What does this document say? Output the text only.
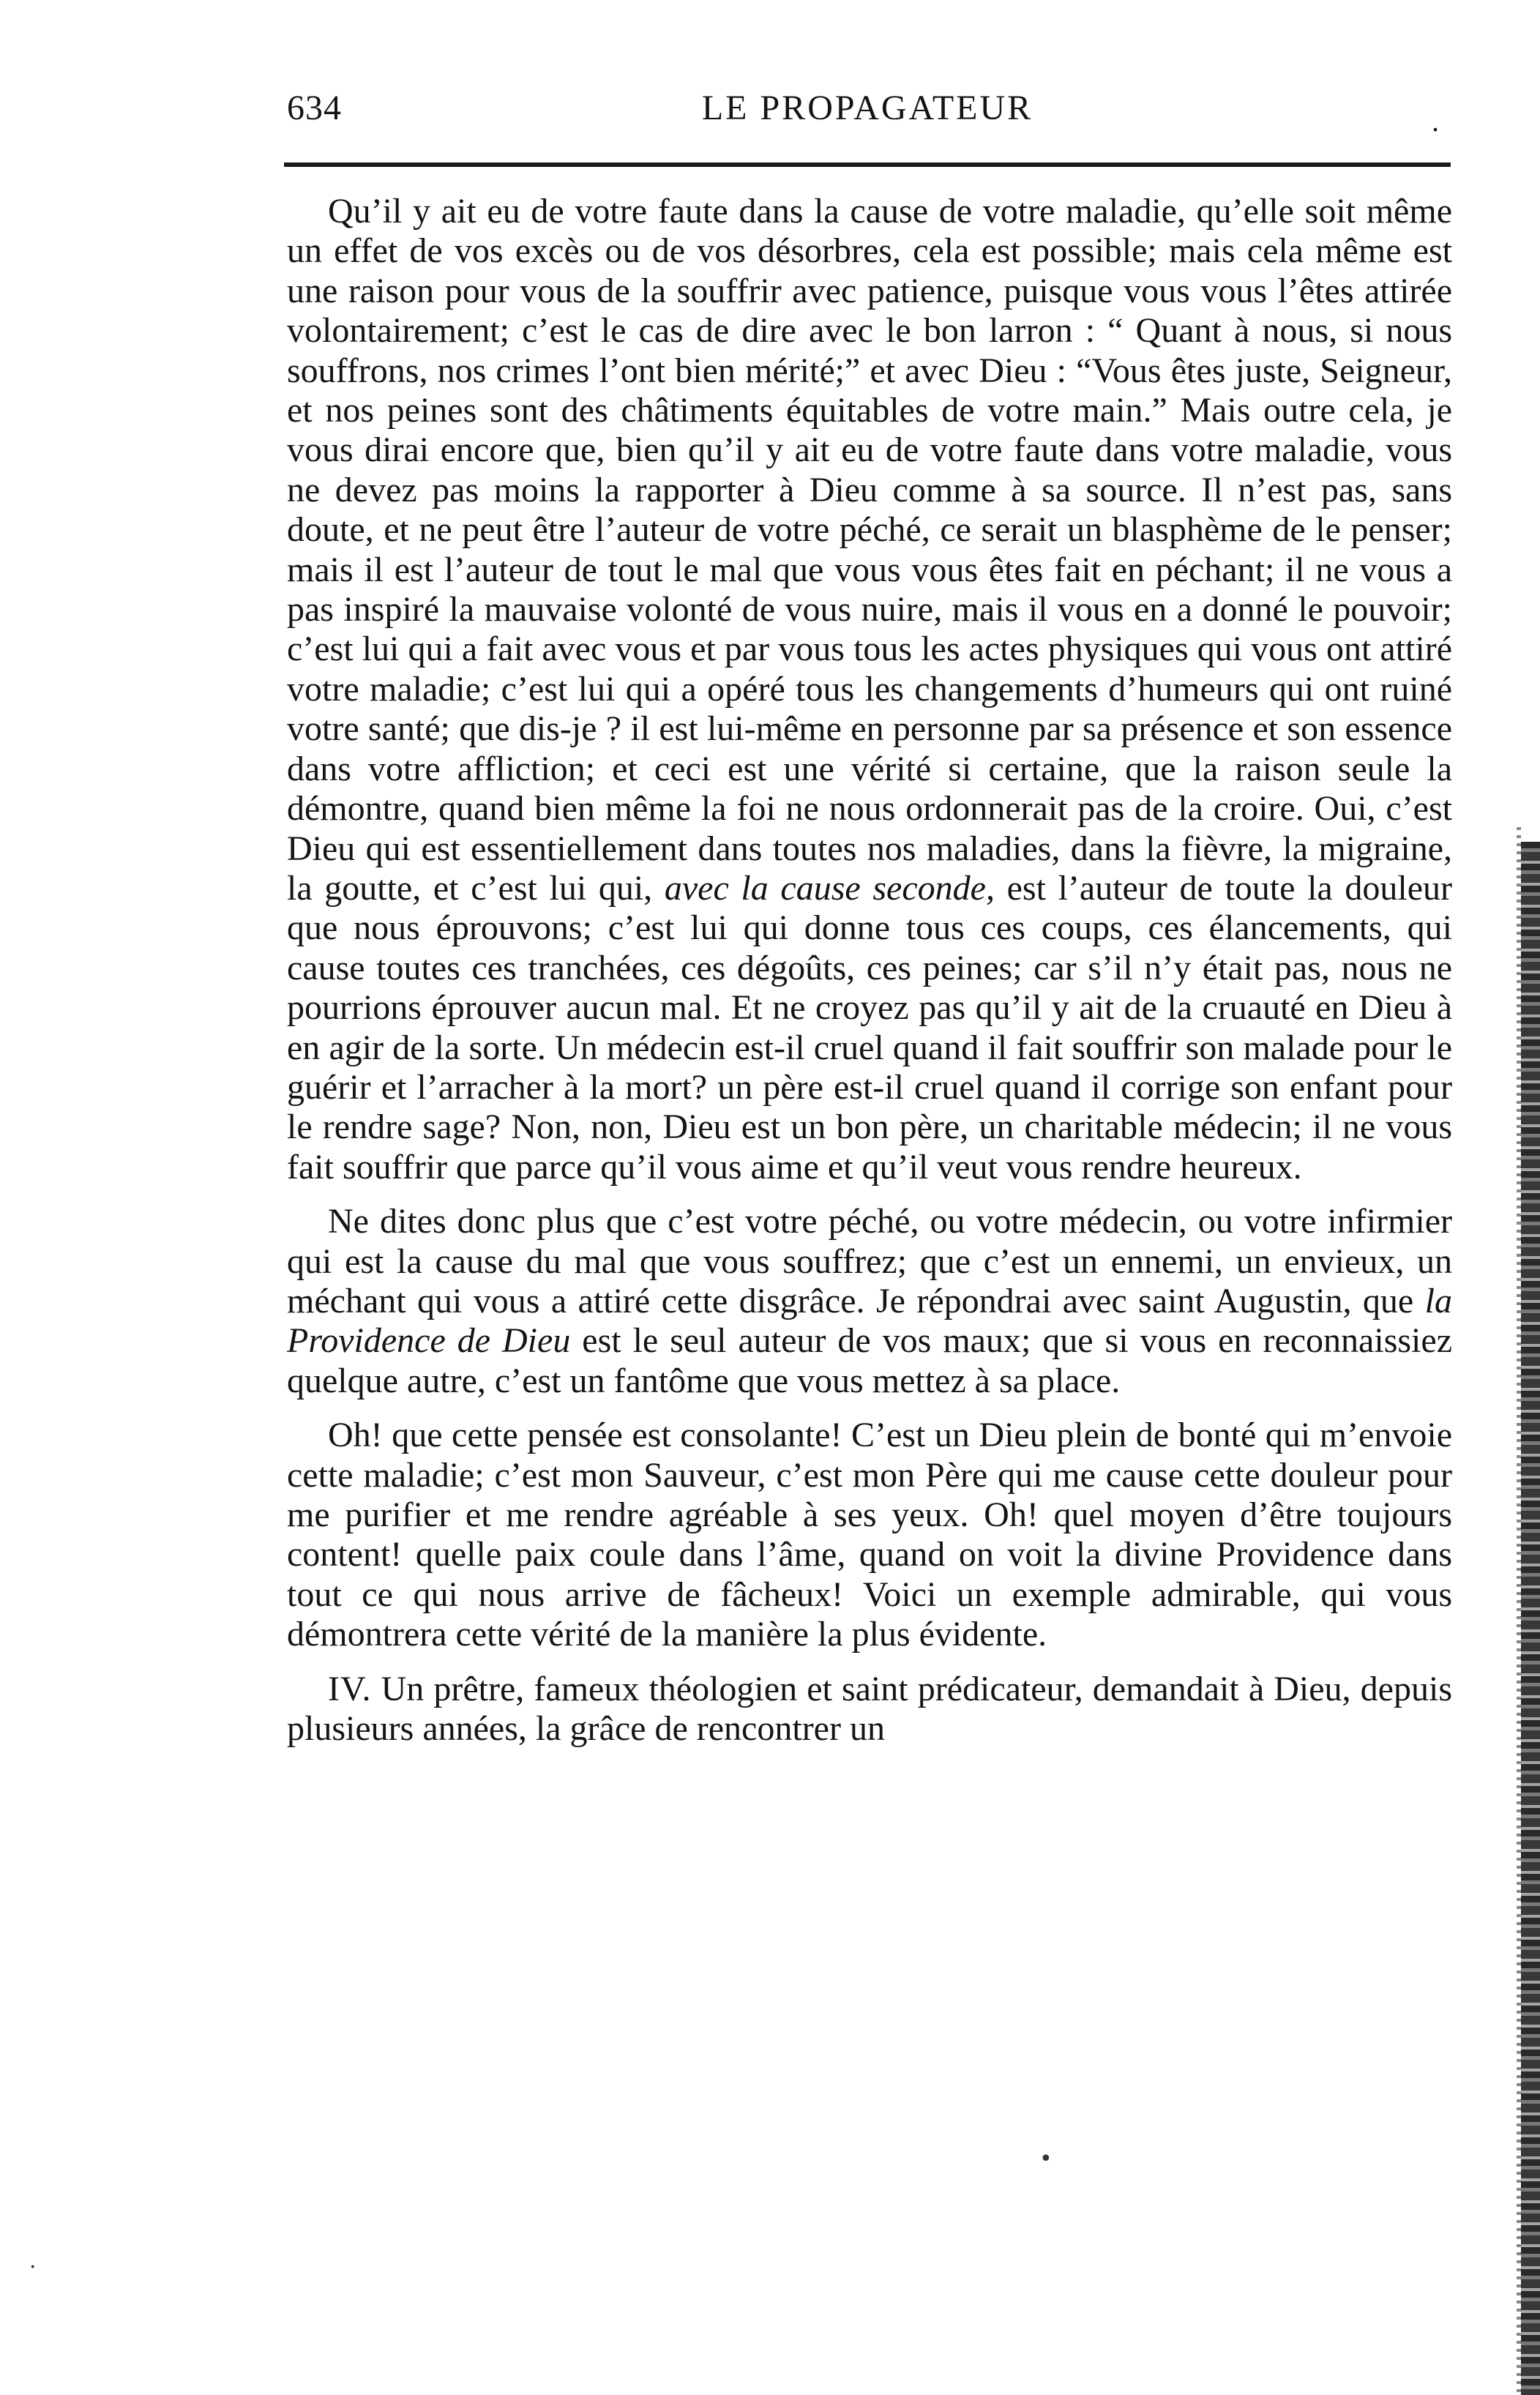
634	LE PROPAGATEUR	.

Qu’il y ait eu de votre faute dans la cause de votre maladie, qu’elle soit même un effet de vos excès ou de vos désorbres, cela est possible; mais cela même est une raison pour vous de la souffrir avec patience, puisque vous vous l’êtes attirée volontairement; c’est le cas de dire avec le bon larron : “ Quant à nous, si nous souffrons, nos crimes l’ont bien mérité;” et avec Dieu : “Vous êtes juste, Seigneur, et nos peines sont des châtiments équitables de votre main.” Mais outre cela, je vous dirai encore que, bien qu’il y ait eu de votre faute dans votre maladie, vous ne devez pas moins la rapporter à Dieu comme à sa source. Il n’est pas, sans doute, et ne peut être l’auteur de votre péché, ce serait un blasphème de le penser; mais il est l’auteur de tout le mal que vous vous êtes fait en péchant; il ne vous a pas inspiré la mauvaise volonté de vous nuire, mais il vous en a donné le pouvoir; c’est lui qui a fait avec vous et par vous tous les actes physiques qui vous ont attiré votre maladie; c’est lui qui a opéré tous les changements d’humeurs qui ont ruiné votre santé; que dis-je ? il est lui-même en personne par sa présence et son essence dans votre affliction; et ceci est une vérité si certaine, que la raison seule la démontre, quand bien même la foi ne nous ordonnerait pas de la croire. Oui, c’est Dieu qui est essentiellement dans toutes nos maladies, dans la fièvre, la migraine, la goutte, et c’est lui qui, avec la cause seconde, est l’auteur de toute la douleur que nous éprouvons; c’est lui qui donne tous ces coups, ces élancements, qui cause toutes ces tranchées, ces dégoûts, ces peines; car s’il n’y était pas, nous ne pourrions éprouver aucun mal. Et ne croyez pas qu’il y ait de la cruauté en Dieu à en agir de la sorte. Un médecin est-il cruel quand il fait souffrir son malade pour le guérir et l’arracher à la mort? un père est-il cruel quand il corrige son enfant pour le rendre sage? Non, non, Dieu est un bon père, un charitable médecin; il ne vous fait souffrir que parce qu’il vous aime et qu’il veut vous rendre heureux.

Ne dites donc plus que c’est votre péché, ou votre médecin, ou votre infirmier qui est la cause du mal que vous souffrez; que c’est un ennemi, un envieux, un méchant qui vous a attiré cette disgrâce. Je répondrai avec saint Augustin, que la Providence de Dieu est le seul auteur de vos maux; que si vous en reconnaissiez quelque autre, c’est un fantôme que vous mettez à sa place.

Oh! que cette pensée est consolante! C’est un Dieu plein de bonté qui m’envoie cette maladie; c’est mon Sauveur, c’est mon Père qui me cause cette douleur pour me purifier et me rendre agréable à ses yeux. Oh! quel moyen d’être toujours content! quelle paix coule dans l’âme, quand on voit la divine Providence dans tout ce qui nous arrive de fâcheux! Voici un exemple admirable, qui vous démontrera cette vérité de la manière la plus évidente.

IV. Un prêtre, fameux théologien et saint prédicateur, demandait à Dieu, depuis plusieurs années, la grâce de rencontrer un

•
·
